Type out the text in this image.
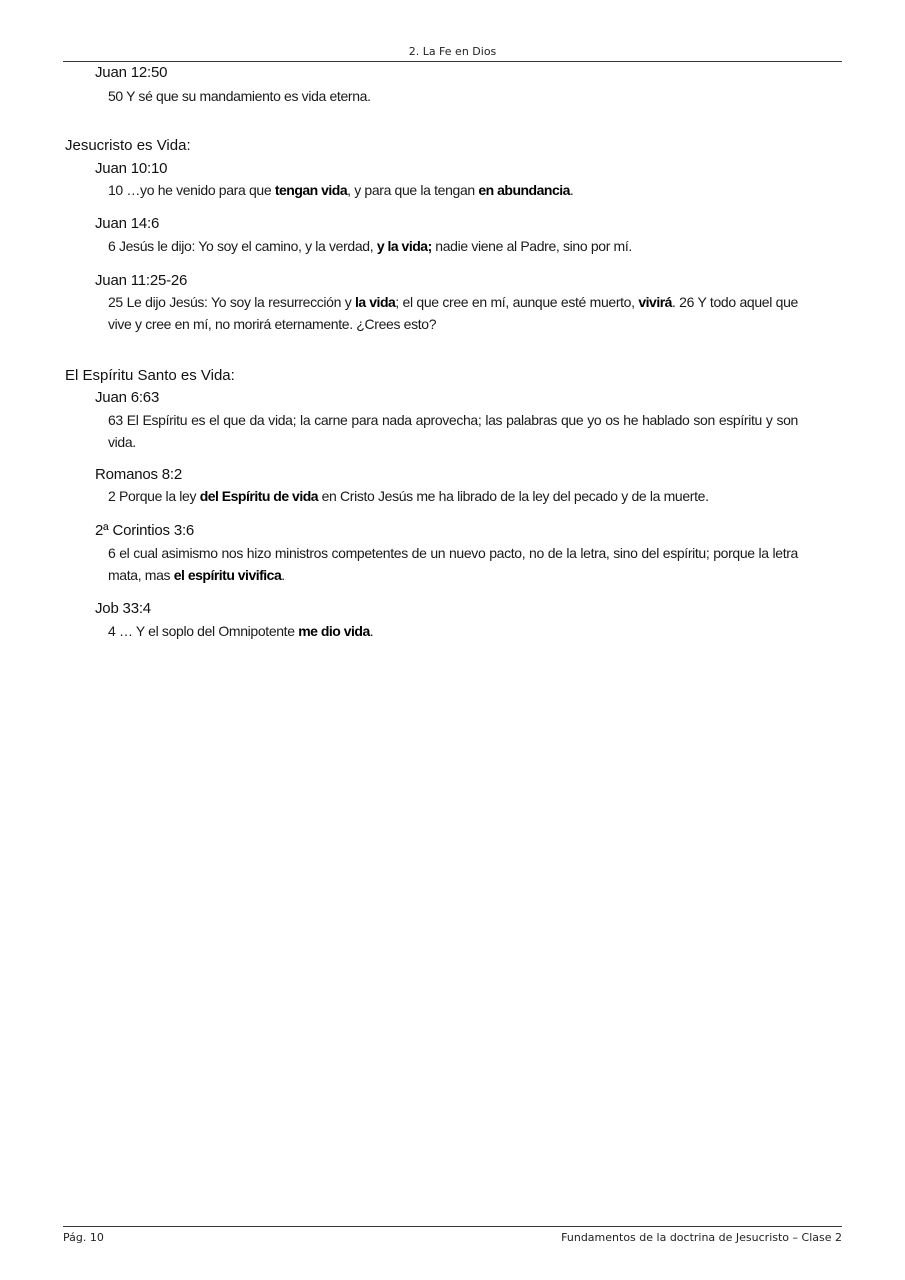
2. La Fe en Dios
Juan 12:50
50 Y sé que su mandamiento es vida eterna.
Jesucristo es Vida:
Juan 10:10
10 …yo he venido para que tengan vida, y para que la tengan en abundancia.
Juan 14:6
6 Jesús le dijo: Yo soy el camino, y la verdad, y la vida; nadie viene al Padre, sino por mí.
Juan 11:25-26
25 Le dijo Jesús: Yo soy la resurrección y la vida; el que cree en mí, aunque esté muerto, vivirá. 26 Y todo aquel que vive y cree en mí, no morirá eternamente. ¿Crees esto?
El Espíritu Santo es Vida:
Juan 6:63
63 El Espíritu es el que da vida; la carne para nada aprovecha; las palabras que yo os he hablado son espíritu y son vida.
Romanos 8:2
2 Porque la ley del Espíritu de vida en Cristo Jesús me ha librado de la ley del pecado y de la muerte.
2ª Corintios 3:6
6 el cual asimismo nos hizo ministros competentes de un nuevo pacto, no de la letra, sino del espíritu; porque la letra mata, mas el espíritu vivifica.
Job 33:4
4 … Y el soplo del Omnipotente me dio vida.
Pág. 10	Fundamentos de la doctrina de Jesucristo – Clase 2
